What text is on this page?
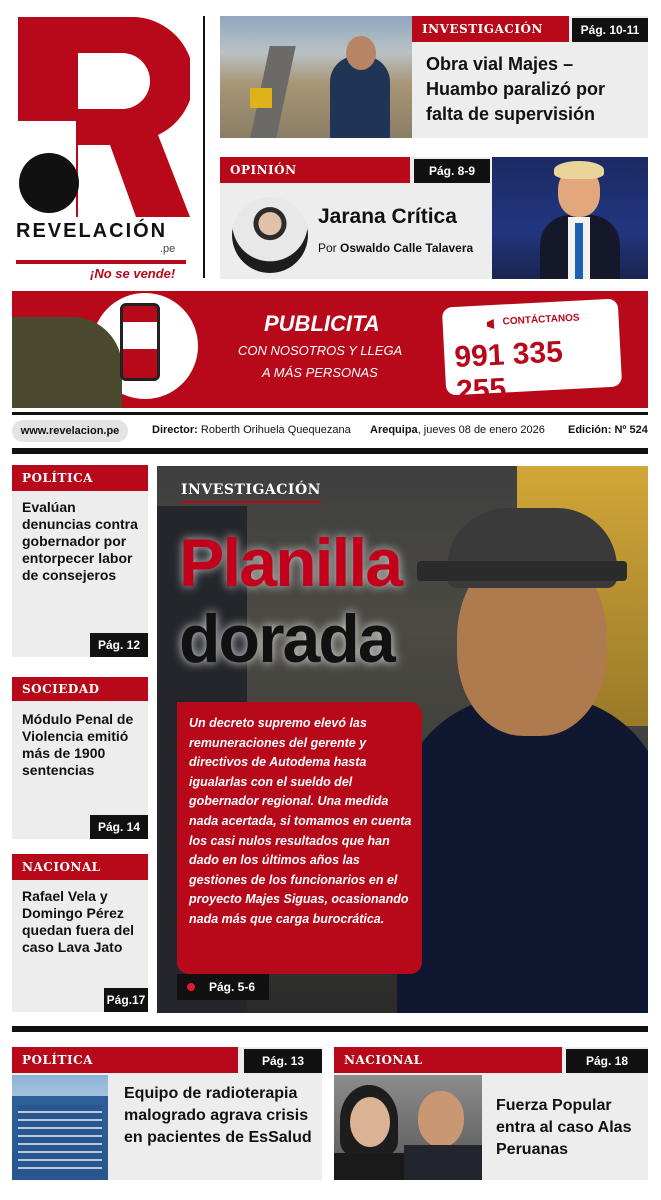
REVELACIÓN
.pe
¡No se vende!
INVESTIGACIÓN	Pág. 10-11
Obra vial Majes – Huambo paralizó por falta de supervisión
OPINIÓN	Pág. 8-9
Jarana Crítica
Por Oswaldo Calle Talavera
PUBLICITA
CON NOSOTROS Y LLEGA
A MÁS PERSONAS
CONTÁCTANOS
991 335 255
www.revelacion.pe	Director: Roberth Orihuela Quequezana Arequipa, jueves 08 de enero 2026 Edición: Nº 524
POLÍTICA
Evalúan denuncias contra gobernador por entorpecer labor de consejeros
Pág. 12
SOCIEDAD
Módulo Penal de Violencia emitió más de 1900 sentencias
Pág. 14
NACIONAL
Rafael Vela y Domingo Pérez quedan fuera del caso Lava Jato
Pág.17
INVESTIGACIÓN
Planilla
dorada
Un decreto supremo elevó las remuneraciones del gerente y directivos de Autodema hasta igualarlas con el sueldo del gobernador regional. Una medida nada acertada, si tomamos en cuenta los casi nulos resultados que han dado en los últimos años las gestiones de los funcionarios en el proyecto Majes Siguas, ocasionando nada más que carga burocrática.
Pág. 5-6
POLÍTICA	Pág. 13
Equipo de radioterapia malogrado agrava crisis en pacientes de EsSalud
NACIONAL	Pág. 18
Fuerza Popular entra al caso Alas Peruanas
